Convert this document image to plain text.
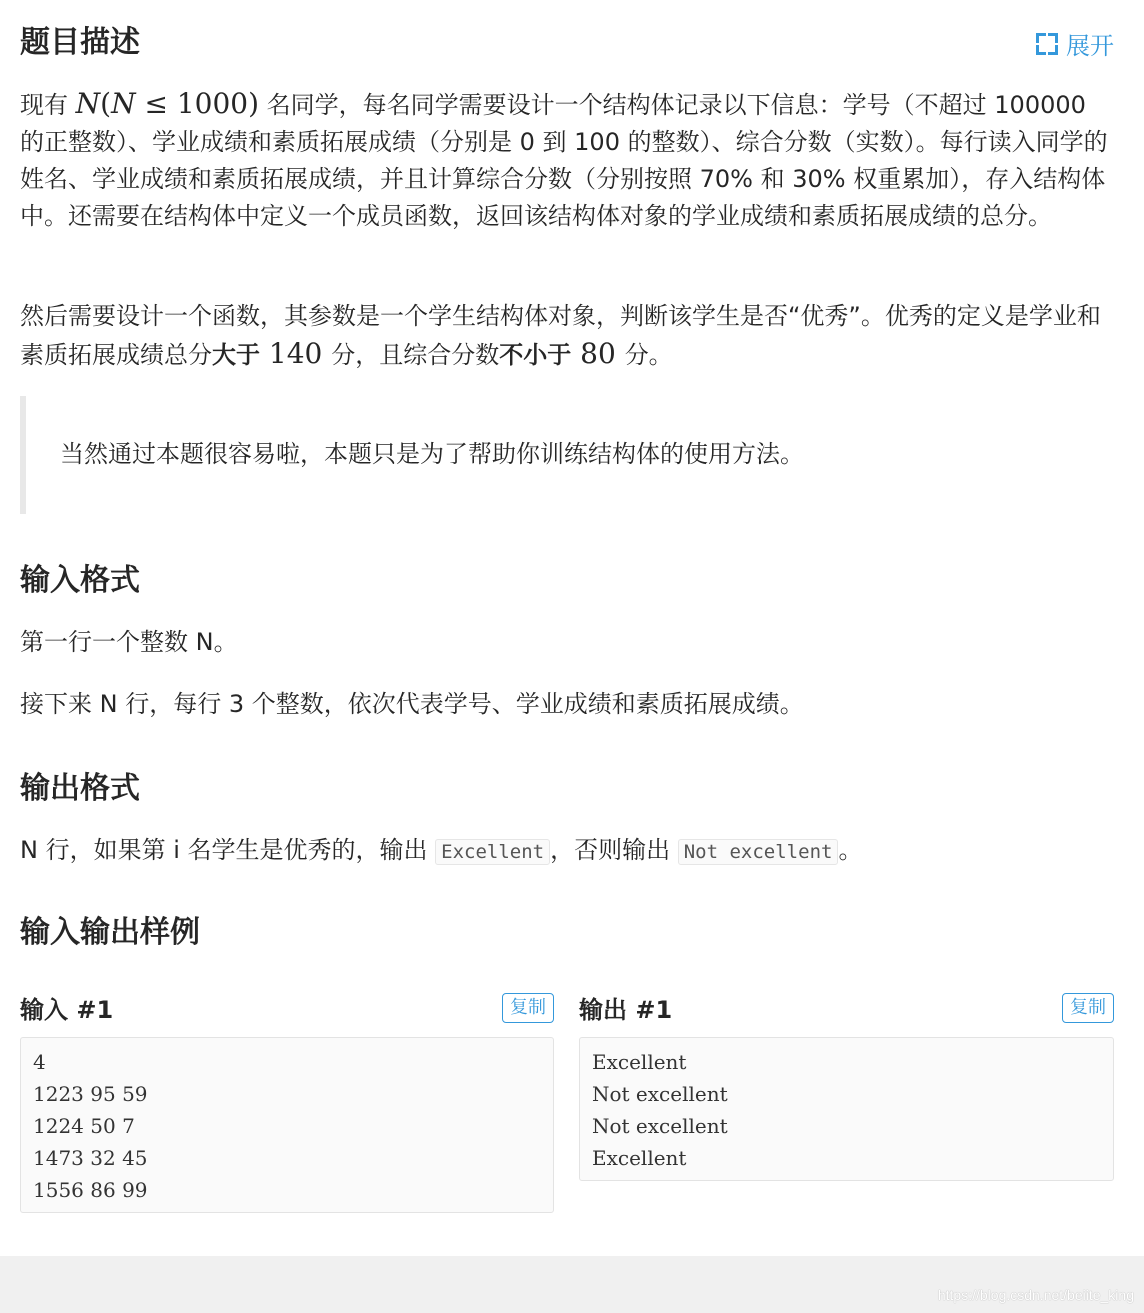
题目描述	展开

现有 N(N ≤ 1000) 名同学，每名同学需要设计一个结构体记录以下信息：学号（不超过 100000 的正整数）、学业成绩和素质拓展成绩（分别是 0 到 100 的整数）、综合分数（实数）。每行读入同学的姓名、学业成绩和素质拓展成绩，并且计算综合分数（分别按照 70% 和 30% 权重累加），存入结构体中。还需要在结构体中定义一个成员函数，返回该结构体对象的学业成绩和素质拓展成绩的总分。

然后需要设计一个函数，其参数是一个学生结构体对象，判断该学生是否“优秀”。优秀的定义是学业和素质拓展成绩总分大于 140 分，且综合分数不小于 80 分。

当然通过本题很容易啦，本题只是为了帮助你训练结构体的使用方法。
输入格式

第一行一个整数 N。

接下来 N 行，每行 3 个整数，依次代表学号、学业成绩和素质拓展成绩。

输出格式

N 行，如果第 i 名学生是优秀的，输出 Excellent ，否则输出 Not excellent 。

输入输出样例
输入 #1	复制	输出 #1	复制
4
1223 95 59
1224 50 7
1473 32 45
1556 86 99
Excellent
Not excellent
Not excellent
Excellent
https://blog.csdn.net/beiite_king
